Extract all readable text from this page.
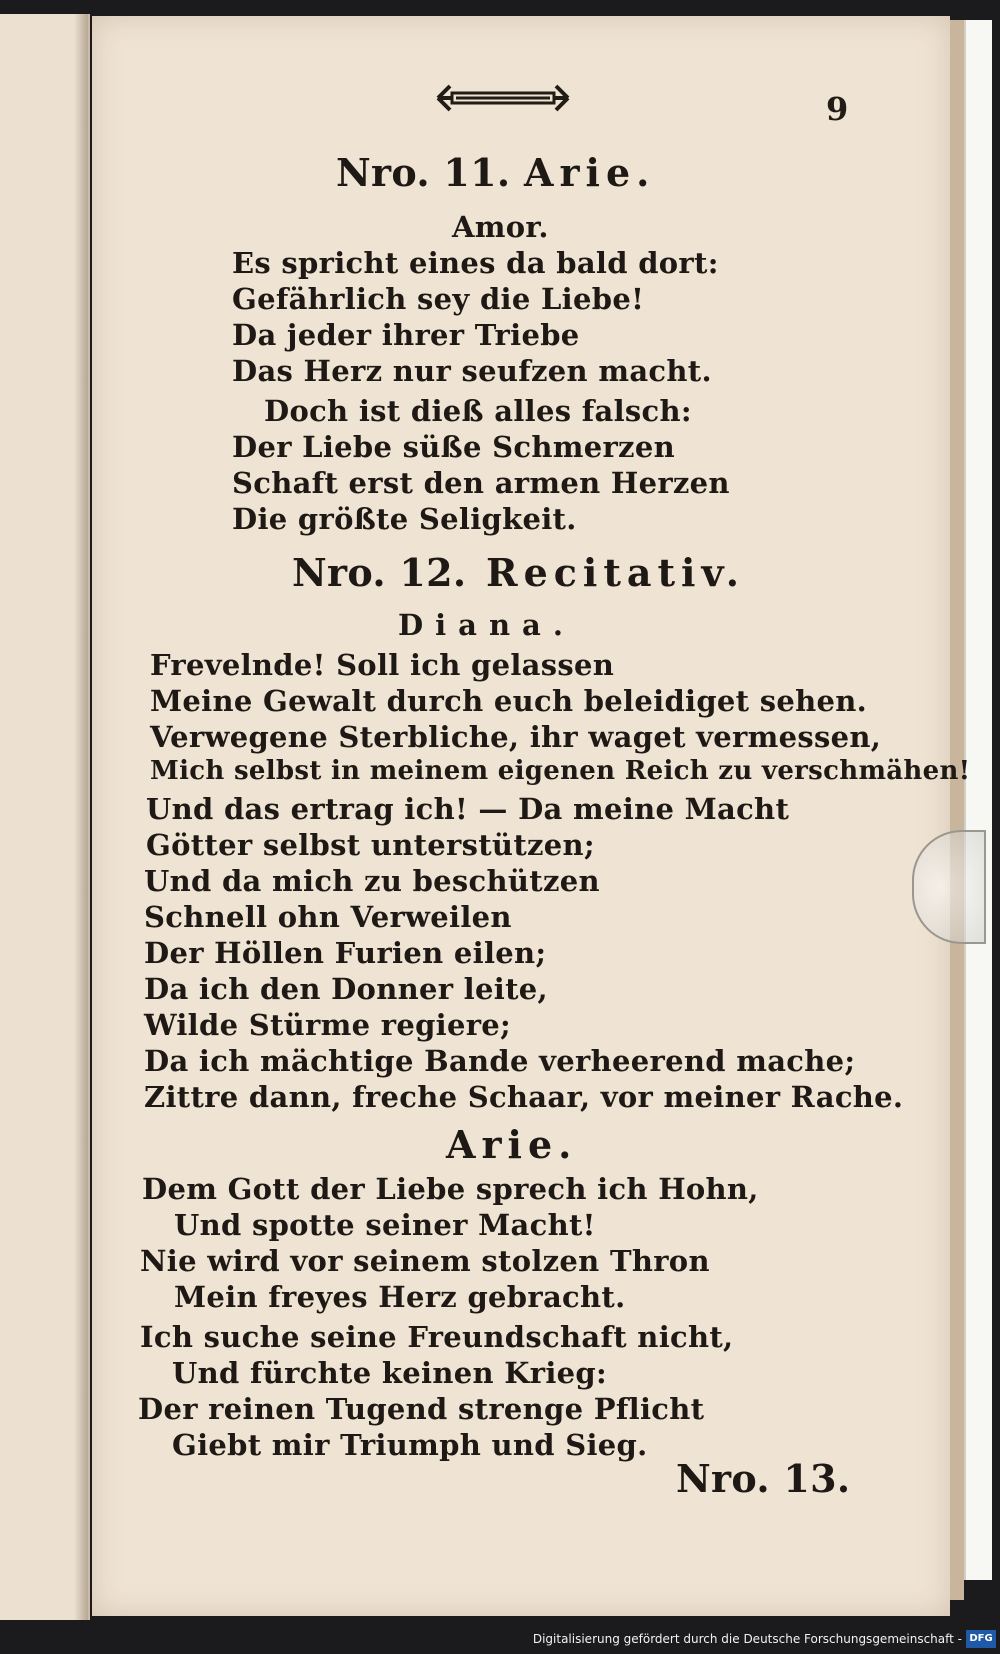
9
Nro. 11. Arie.
Amor.
Es spricht eines da bald dort:
Gefährlich sey die Liebe!
Da jeder ihrer Triebe
Das Herz nur seufzen macht.
Doch ist dieß alles falsch:
Der Liebe süße Schmerzen
Schaft erst den armen Herzen
Die größte Seligkeit.
Nro. 12. Recitativ.
Diana.
Frevelnde! Soll ich gelassen
Meine Gewalt durch euch beleidiget sehen.
Verwegene Sterbliche, ihr waget vermessen,
Mich selbst in meinem eigenen Reich zu verschmähen!
Und das ertrag ich! — Da meine Macht
Götter selbst unterstützen;
Und da mich zu beschützen
Schnell ohn Verweilen
Der Höllen Furien eilen;
Da ich den Donner leite,
Wilde Stürme regiere;
Da ich mächtige Bande verheerend mache;
Zittre dann, freche Schaar, vor meiner Rache.
Arie.
Dem Gott der Liebe sprech ich Hohn,
Und spotte seiner Macht!
Nie wird vor seinem stolzen Thron
Mein freyes Herz gebracht.
Ich suche seine Freundschaft nicht,
Und fürchte keinen Krieg:
Der reinen Tugend strenge Pflicht
Giebt mir Triumph und Sieg.
Nro. 13.
Digitalisierung gefördert durch die Deutsche Forschungsgemeinschaft - DFG
